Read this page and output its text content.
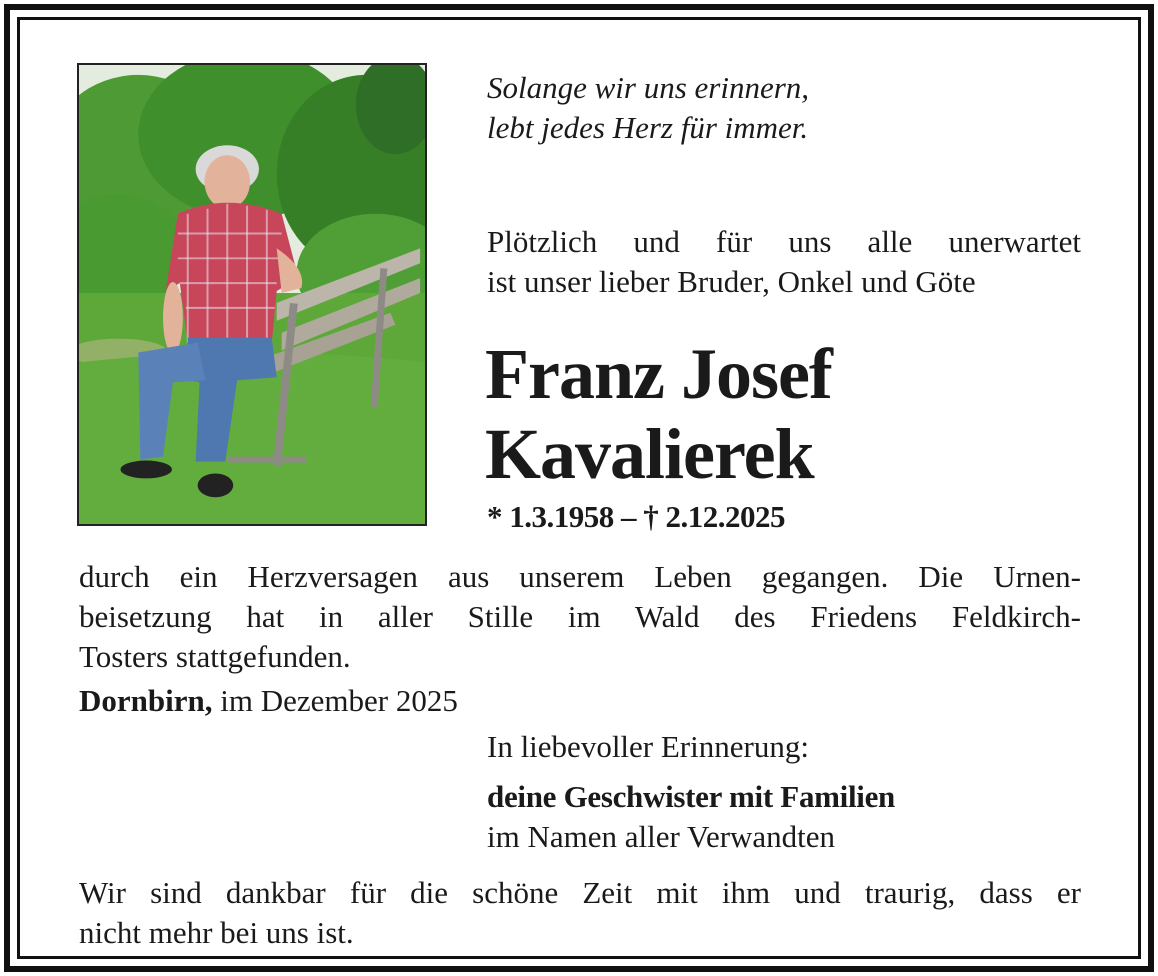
Solange wir uns erinnern,
lebt jedes Herz für immer.
Plötzlich und für uns alle unerwartet
ist unser lieber Bruder, Onkel und Göte
Franz Josef
Kavalierek
* 1.3.1958 – † 2.12.2025
durch ein Herzversagen aus unserem Leben gegangen. Die Urnen-
beisetzung hat in aller Stille im Wald des Friedens Feldkirch-
Tosters stattgefunden.
Dornbirn, im Dezember 2025
In liebevoller Erinnerung:
deine Geschwister mit Familien
im Namen aller Verwandten
Wir sind dankbar für die schöne Zeit mit ihm und traurig, dass er
nicht mehr bei uns ist.
